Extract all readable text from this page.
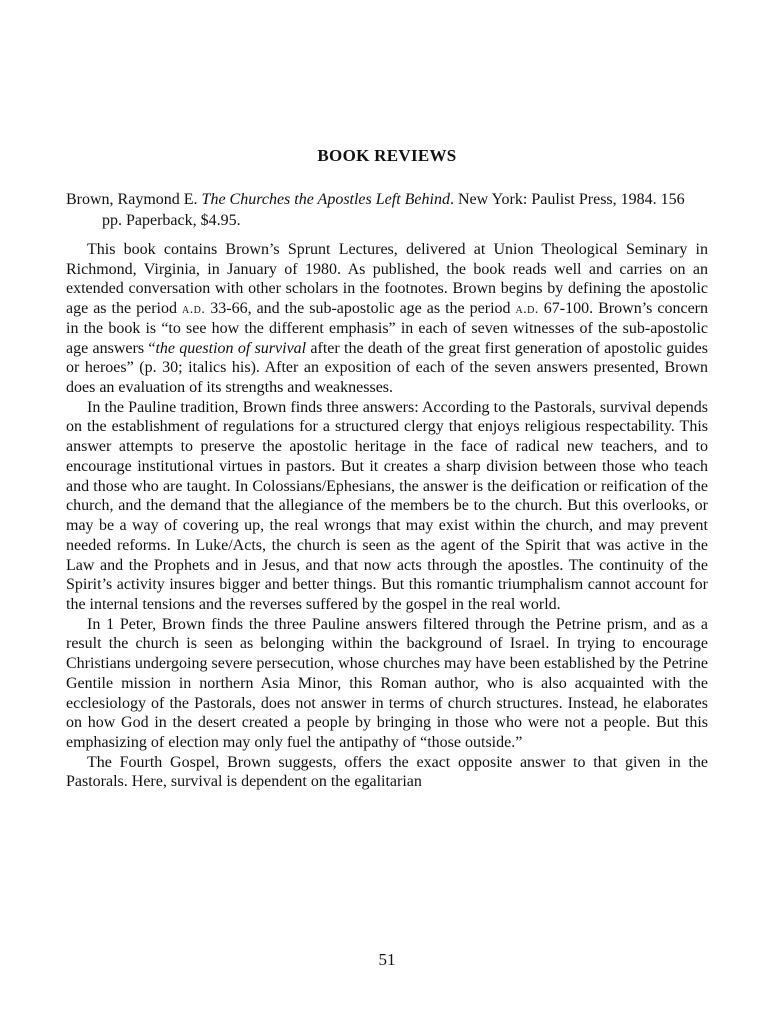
BOOK REVIEWS

Brown, Raymond E. The Churches the Apostles Left Behind. New York: Paulist Press, 1984. 156 pp. Paperback, $4.95.

This book contains Brown’s Sprunt Lectures, delivered at Union Theological Seminary in Richmond, Virginia, in January of 1980. As published, the book reads well and carries on an extended conversation with other scholars in the footnotes. Brown begins by defining the apostolic age as the period a.d. 33-66, and the sub-apostolic age as the period a.d. 67-100. Brown’s concern in the book is “to see how the different emphasis” in each of seven witnesses of the sub-apostolic age answers “the question of survival after the death of the great first generation of apostolic guides or heroes” (p. 30; italics his). After an exposition of each of the seven answers presented, Brown does an evaluation of its strengths and weaknesses.

In the Pauline tradition, Brown finds three answers: According to the Pastorals, survival depends on the establishment of regulations for a structured clergy that enjoys religious respectability. This answer attempts to preserve the apostolic heritage in the face of radical new teachers, and to encourage institutional virtues in pastors. But it creates a sharp division between those who teach and those who are taught. In Colossians/Ephesians, the answer is the deification or reification of the church, and the demand that the allegiance of the members be to the church. But this overlooks, or may be a way of covering up, the real wrongs that may exist within the church, and may prevent needed reforms. In Luke/Acts, the church is seen as the agent of the Spirit that was active in the Law and the Prophets and in Jesus, and that now acts through the apostles. The continuity of the Spirit’s activity insures bigger and better things. But this romantic triumphalism cannot account for the internal tensions and the reverses suffered by the gospel in the real world.

In 1 Peter, Brown finds the three Pauline answers filtered through the Petrine prism, and as a result the church is seen as belonging within the background of Israel. In trying to encourage Christians undergoing severe persecution, whose churches may have been established by the Petrine Gentile mission in northern Asia Minor, this Roman author, who is also acquainted with the ecclesiology of the Pastorals, does not answer in terms of church structures. Instead, he elaborates on how God in the desert created a people by bringing in those who were not a people. But this emphasizing of election may only fuel the antipathy of “those outside.”

The Fourth Gospel, Brown suggests, offers the exact opposite answer to that given in the Pastorals. Here, survival is dependent on the egalitarian

51
